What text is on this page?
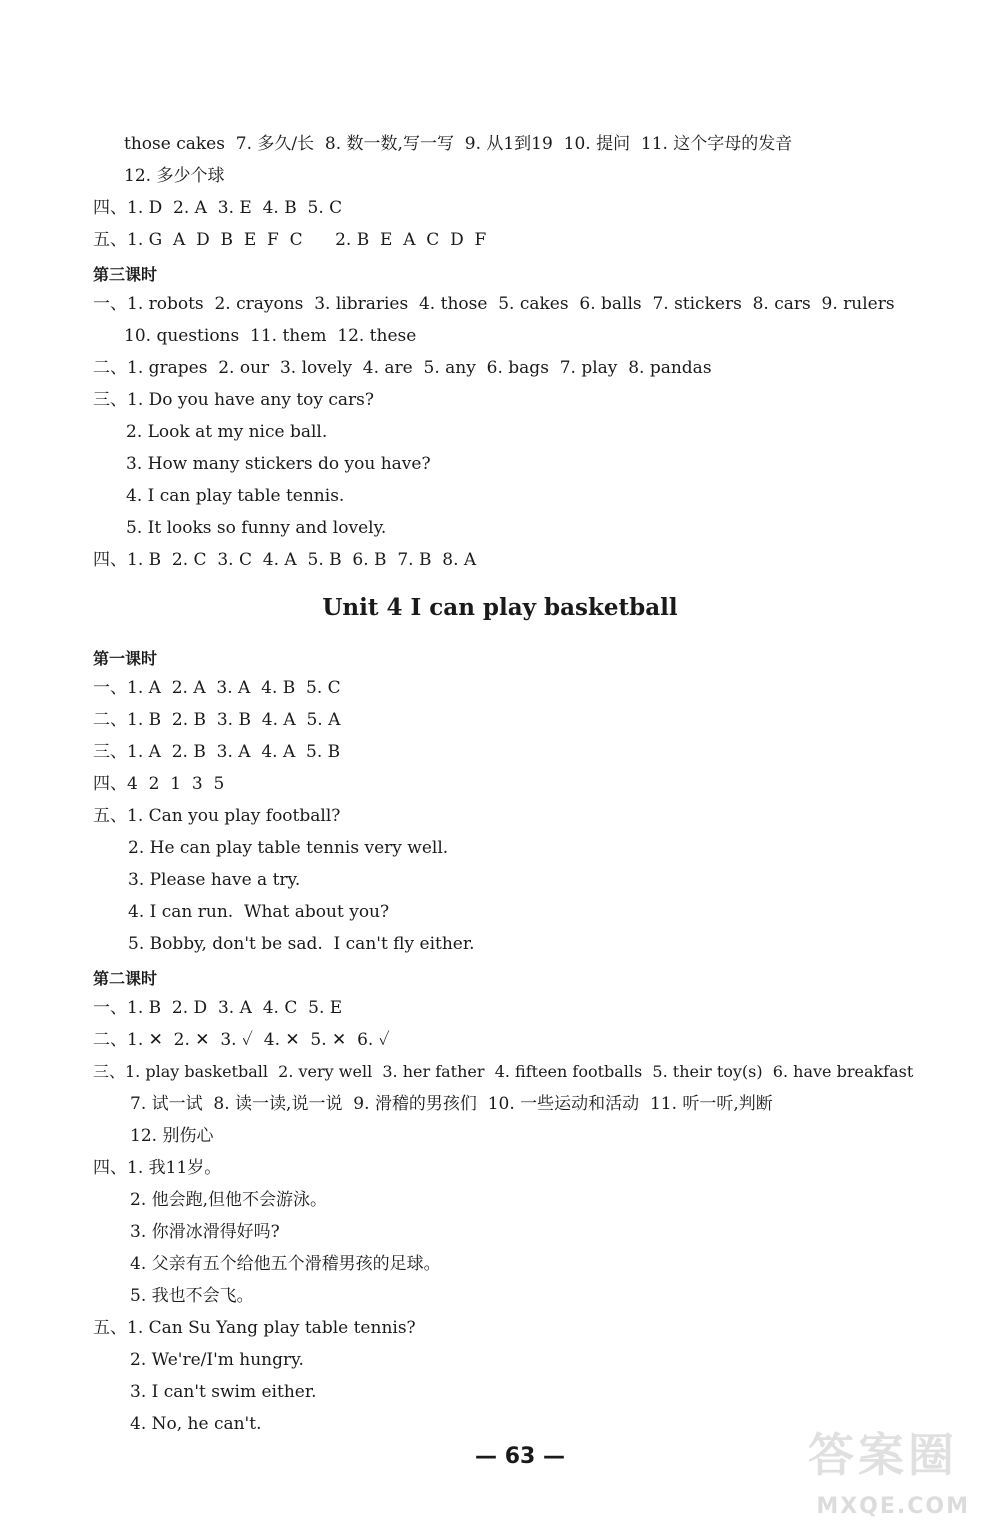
those cakes  7. 多久/长  8. 数一数,写一写  9. 从1到19  10. 提问  11. 这个字母的发音
12. 多少个球
四、1. D  2. A  3. E  4. B  5. C
五、1. G  A  D  B  E  F  C      2. B  E  A  C  D  F
第三课时
一、1. robots  2. crayons  3. libraries  4. those  5. cakes  6. balls  7. stickers  8. cars  9. rulers
10. questions  11. them  12. these
二、1. grapes  2. our  3. lovely  4. are  5. any  6. bags  7. play  8. pandas
三、1. Do you have any toy cars?
2. Look at my nice ball.
3. How many stickers do you have?
4. I can play table tennis.
5. It looks so funny and lovely.
四、1. B  2. C  3. C  4. A  5. B  6. B  7. B  8. A
Unit 4 I can play basketball
第一课时
一、1. A  2. A  3. A  4. B  5. C
二、1. B  2. B  3. B  4. A  5. A
三、1. A  2. B  3. A  4. A  5. B
四、4  2  1  3  5
五、1. Can you play football?
2. He can play table tennis very well.
3. Please have a try.
4. I can run.  What about you?
5. Bobby, don't be sad.  I can't fly either.
第二课时
一、1. B  2. D  3. A  4. C  5. E
二、1. ✕  2. ✕  3. ✓  4. ✕  5. ✕  6. ✓
三、1. play basketball  2. very well  3. her father  4. fifteen footballs  5. their toy(s)  6. have breakfast
7. 试一试  8. 读一读,说一说  9. 滑稽的男孩们  10. 一些运动和活动  11. 听一听,判断
12. 别伤心
四、1. 我11岁。
2. 他会跑,但他不会游泳。
3. 你滑冰滑得好吗?
4. 父亲有五个给他五个滑稽男孩的足球。
5. 我也不会飞。
五、1. Can Su Yang play table tennis?
2. We're/I'm hungry.
3. I can't swim either.
4. No, he can't.
— 63 —	答案圈
MXQE.COM
